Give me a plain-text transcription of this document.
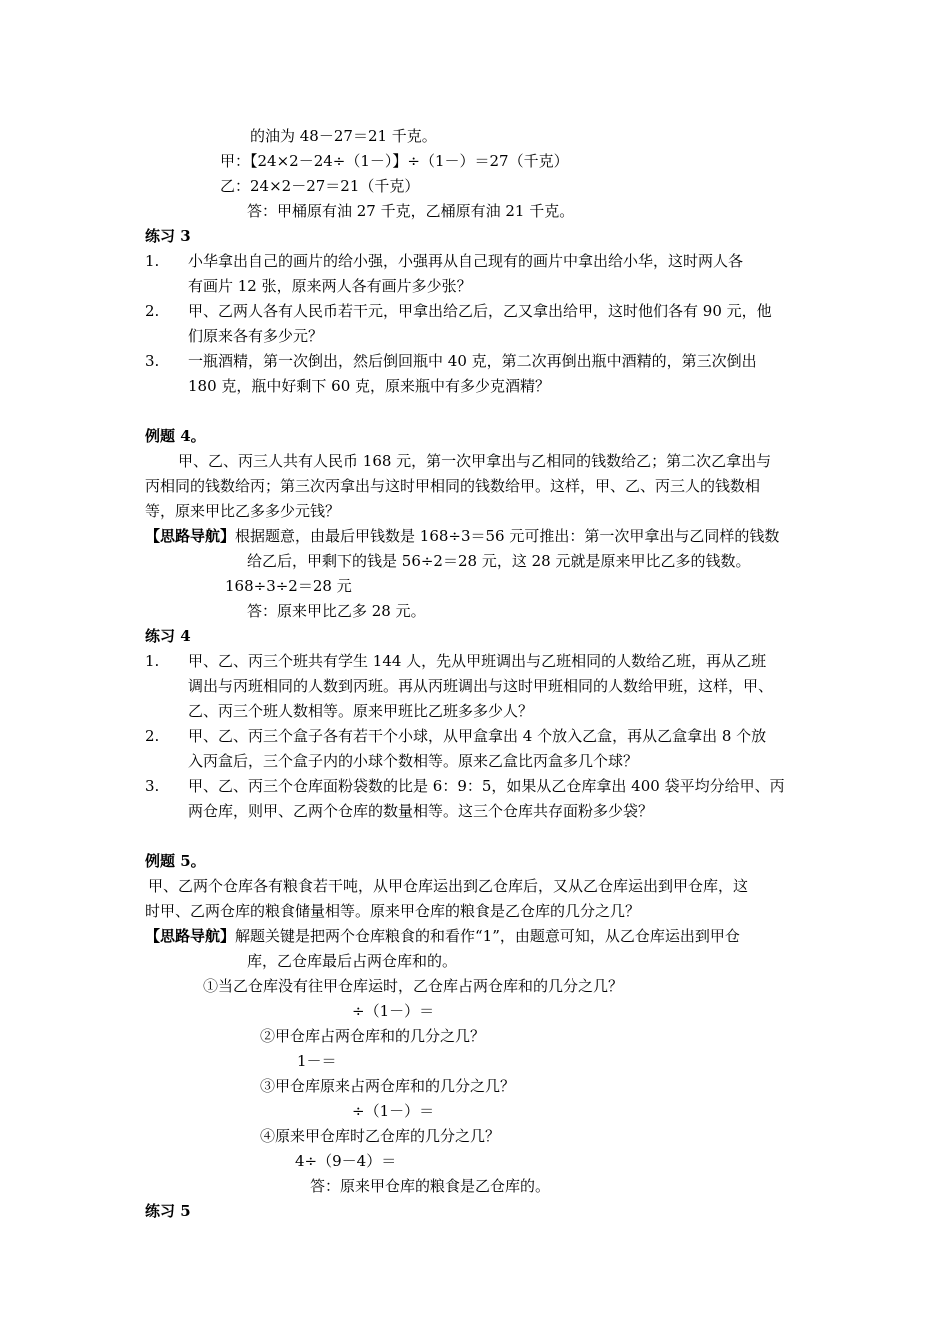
的油为 48－27＝21 千克。
甲：【24×2－24÷（1－）】÷（1－）＝27（千克）
乙：24×2－27＝21（千克）
答：甲桶原有油 27 千克，乙桶原有油 21 千克。
练习 3
1. 小华拿出自己的画片的给小强，小强再从自己现有的画片中拿出给小华，这时两人各
有画片 12 张，原来两人各有画片多少张？
2. 甲、乙两人各有人民币若干元，甲拿出给乙后，乙又拿出给甲，这时他们各有 90 元，他
们原来各有多少元？
3. 一瓶酒精，第一次倒出，然后倒回瓶中 40 克，第二次再倒出瓶中酒精的，第三次倒出
180 克，瓶中好剩下 60 克，原来瓶中有多少克酒精？
例题 4。
甲、乙、丙三人共有人民币 168 元，第一次甲拿出与乙相同的钱数给乙；第二次乙拿出与
丙相同的钱数给丙；第三次丙拿出与这时甲相同的钱数给甲。这样，甲、乙、丙三人的钱数相
等，原来甲比乙多多少元钱？
【思路导航】 根据题意，由最后甲钱数是 168÷3＝56 元可推出：第一次甲拿出与乙同样的钱数
给乙后，甲剩下的钱是 56÷2＝28 元，这 28 元就是原来甲比乙多的钱数。
168÷3÷2＝28 元
答：原来甲比乙多 28 元。
练习 4
1. 甲、乙、丙三个班共有学生 144 人，先从甲班调出与乙班相同的人数给乙班，再从乙班
调出与丙班相同的人数到丙班。再从丙班调出与这时甲班相同的人数给甲班，这样，甲、
乙、丙三个班人数相等。原来甲班比乙班多多少人？
2. 甲、乙、丙三个盒子各有若干个小球，从甲盒拿出 4 个放入乙盒，再从乙盒拿出 8 个放
入丙盒后，三个盒子内的小球个数相等。原来乙盒比丙盒多几个球？
3. 甲、乙、丙三个仓库面粉袋数的比是 6：9：5，如果从乙仓库拿出 400 袋平均分给甲、丙
两仓库，则甲、乙两个仓库的数量相等。这三个仓库共存面粉多少袋？
例题 5。
甲、乙两个仓库各有粮食若干吨，从甲仓库运出到乙仓库后，又从乙仓库运出到甲仓库，这
时甲、乙两仓库的粮食储量相等。原来甲仓库的粮食是乙仓库的几分之几？
【思路导航】 解题关键是把两个仓库粮食的和看作“1”，由题意可知，从乙仓库运出到甲仓
库，乙仓库最后占两仓库和的。
①当乙仓库没有往甲仓库运时，乙仓库占两仓库和的几分之几？
÷（1－）＝
②甲仓库占两仓库和的几分之几？
1－＝
③甲仓库原来占两仓库和的几分之几？
÷（1－）＝
④原来甲仓库时乙仓库的几分之几？
4÷（9－4）＝
答：原来甲仓库的粮食是乙仓库的。
练习 5
